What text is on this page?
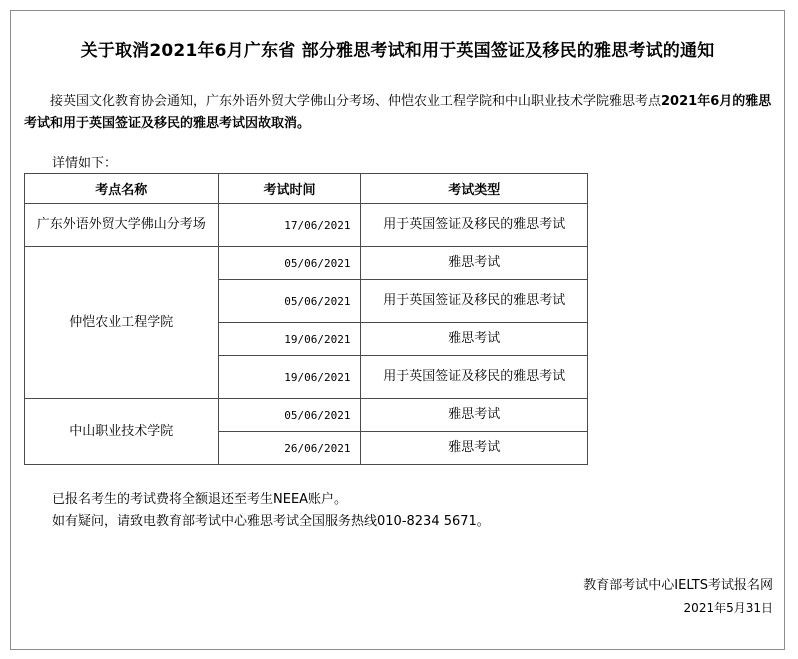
关于取消2021年6月广东省 部分雅思考试和用于英国签证及移民的雅思考试的通知
接英国文化教育协会通知，广东外语外贸大学佛山分考场、仲恺农业工程学院和中山职业技术学院雅思考点2021年6月的雅思考试和用于英国签证及移民的雅思考试因故取消。
详情如下：
考点名称	考试时间	考试类型
广东外语外贸大学佛山分考场	17/06/2021	用于英国签证及移民的雅思考试
仲恺农业工程学院	05/06/2021	雅思考试
	05/06/2021	用于英国签证及移民的雅思考试
	19/06/2021	雅思考试
	19/06/2021	用于英国签证及移民的雅思考试
中山职业技术学院	05/06/2021	雅思考试
	26/06/2021	雅思考试
已报名考生的考试费将全额退还至考生NEEA账户。
如有疑问，请致电教育部考试中心雅思考试全国服务热线010-8234 5671。
教育部考试中心IELTS考试报名网
2021年5月31日
